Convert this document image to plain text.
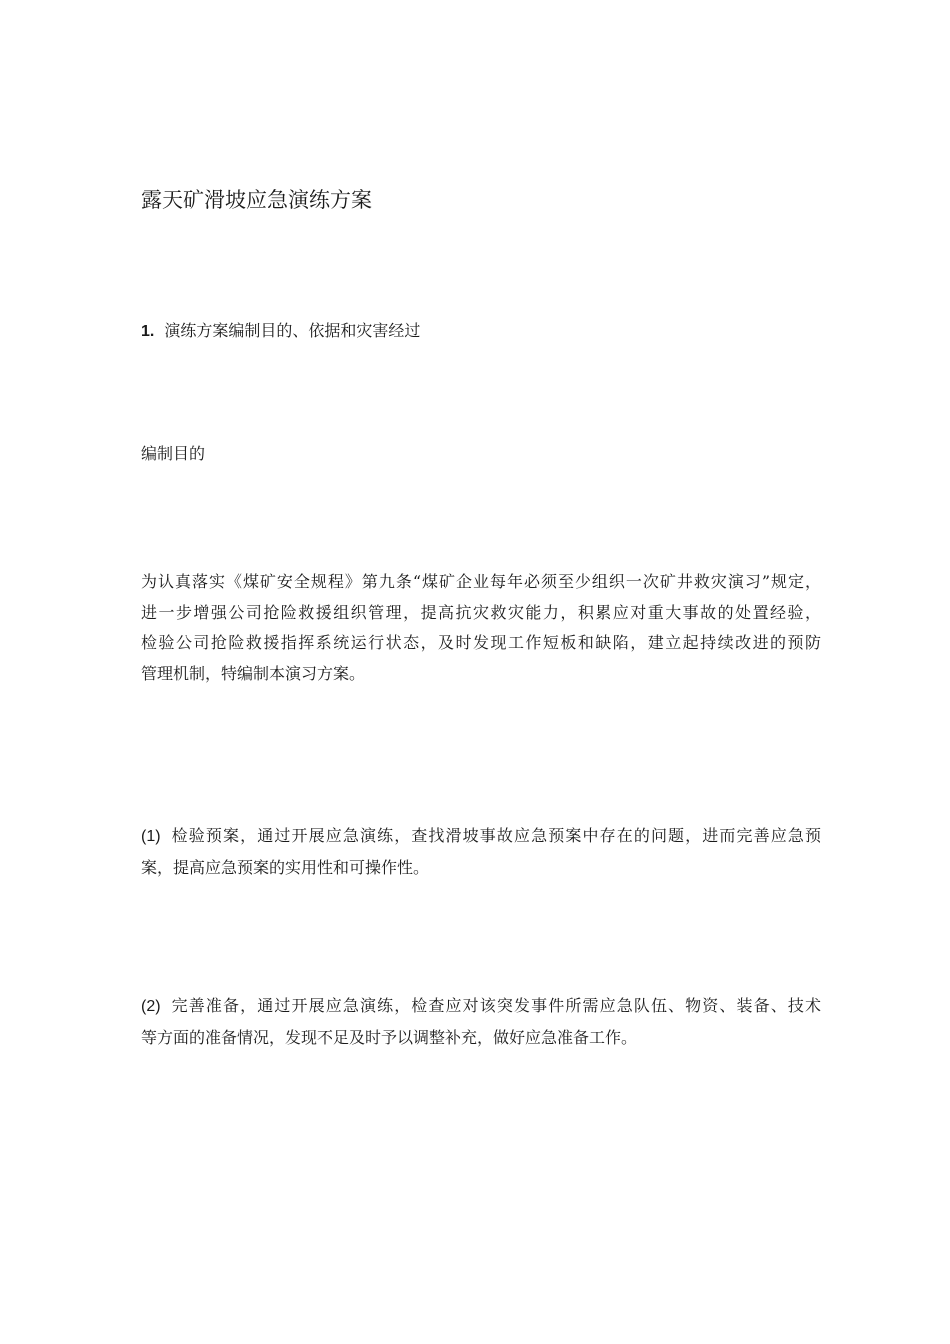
露天矿滑坡应急演练方案
1. 演练方案编制目的、依据和灾害经过
编制目的
为认真落实《煤矿安全规程》第九条“煤矿企业每年必须至少组织一次矿井救灾演习”规定，
进一步增强公司抢险救援组织管理，提高抗灾救灾能力，积累应对重大事故的处置经验，
检验公司抢险救援指挥系统运行状态，及时发现工作短板和缺陷，建立起持续改进的预防
管理机制，特编制本演习方案。
(1) 检验预案，通过开展应急演练，查找滑坡事故应急预案中存在的问题，进而完善应急预
案，提高应急预案的实用性和可操作性。
(2) 完善准备，通过开展应急演练，检查应对该突发事件所需应急队伍、物资、装备、技术
等方面的准备情况，发现不足及时予以调整补充，做好应急准备工作。
